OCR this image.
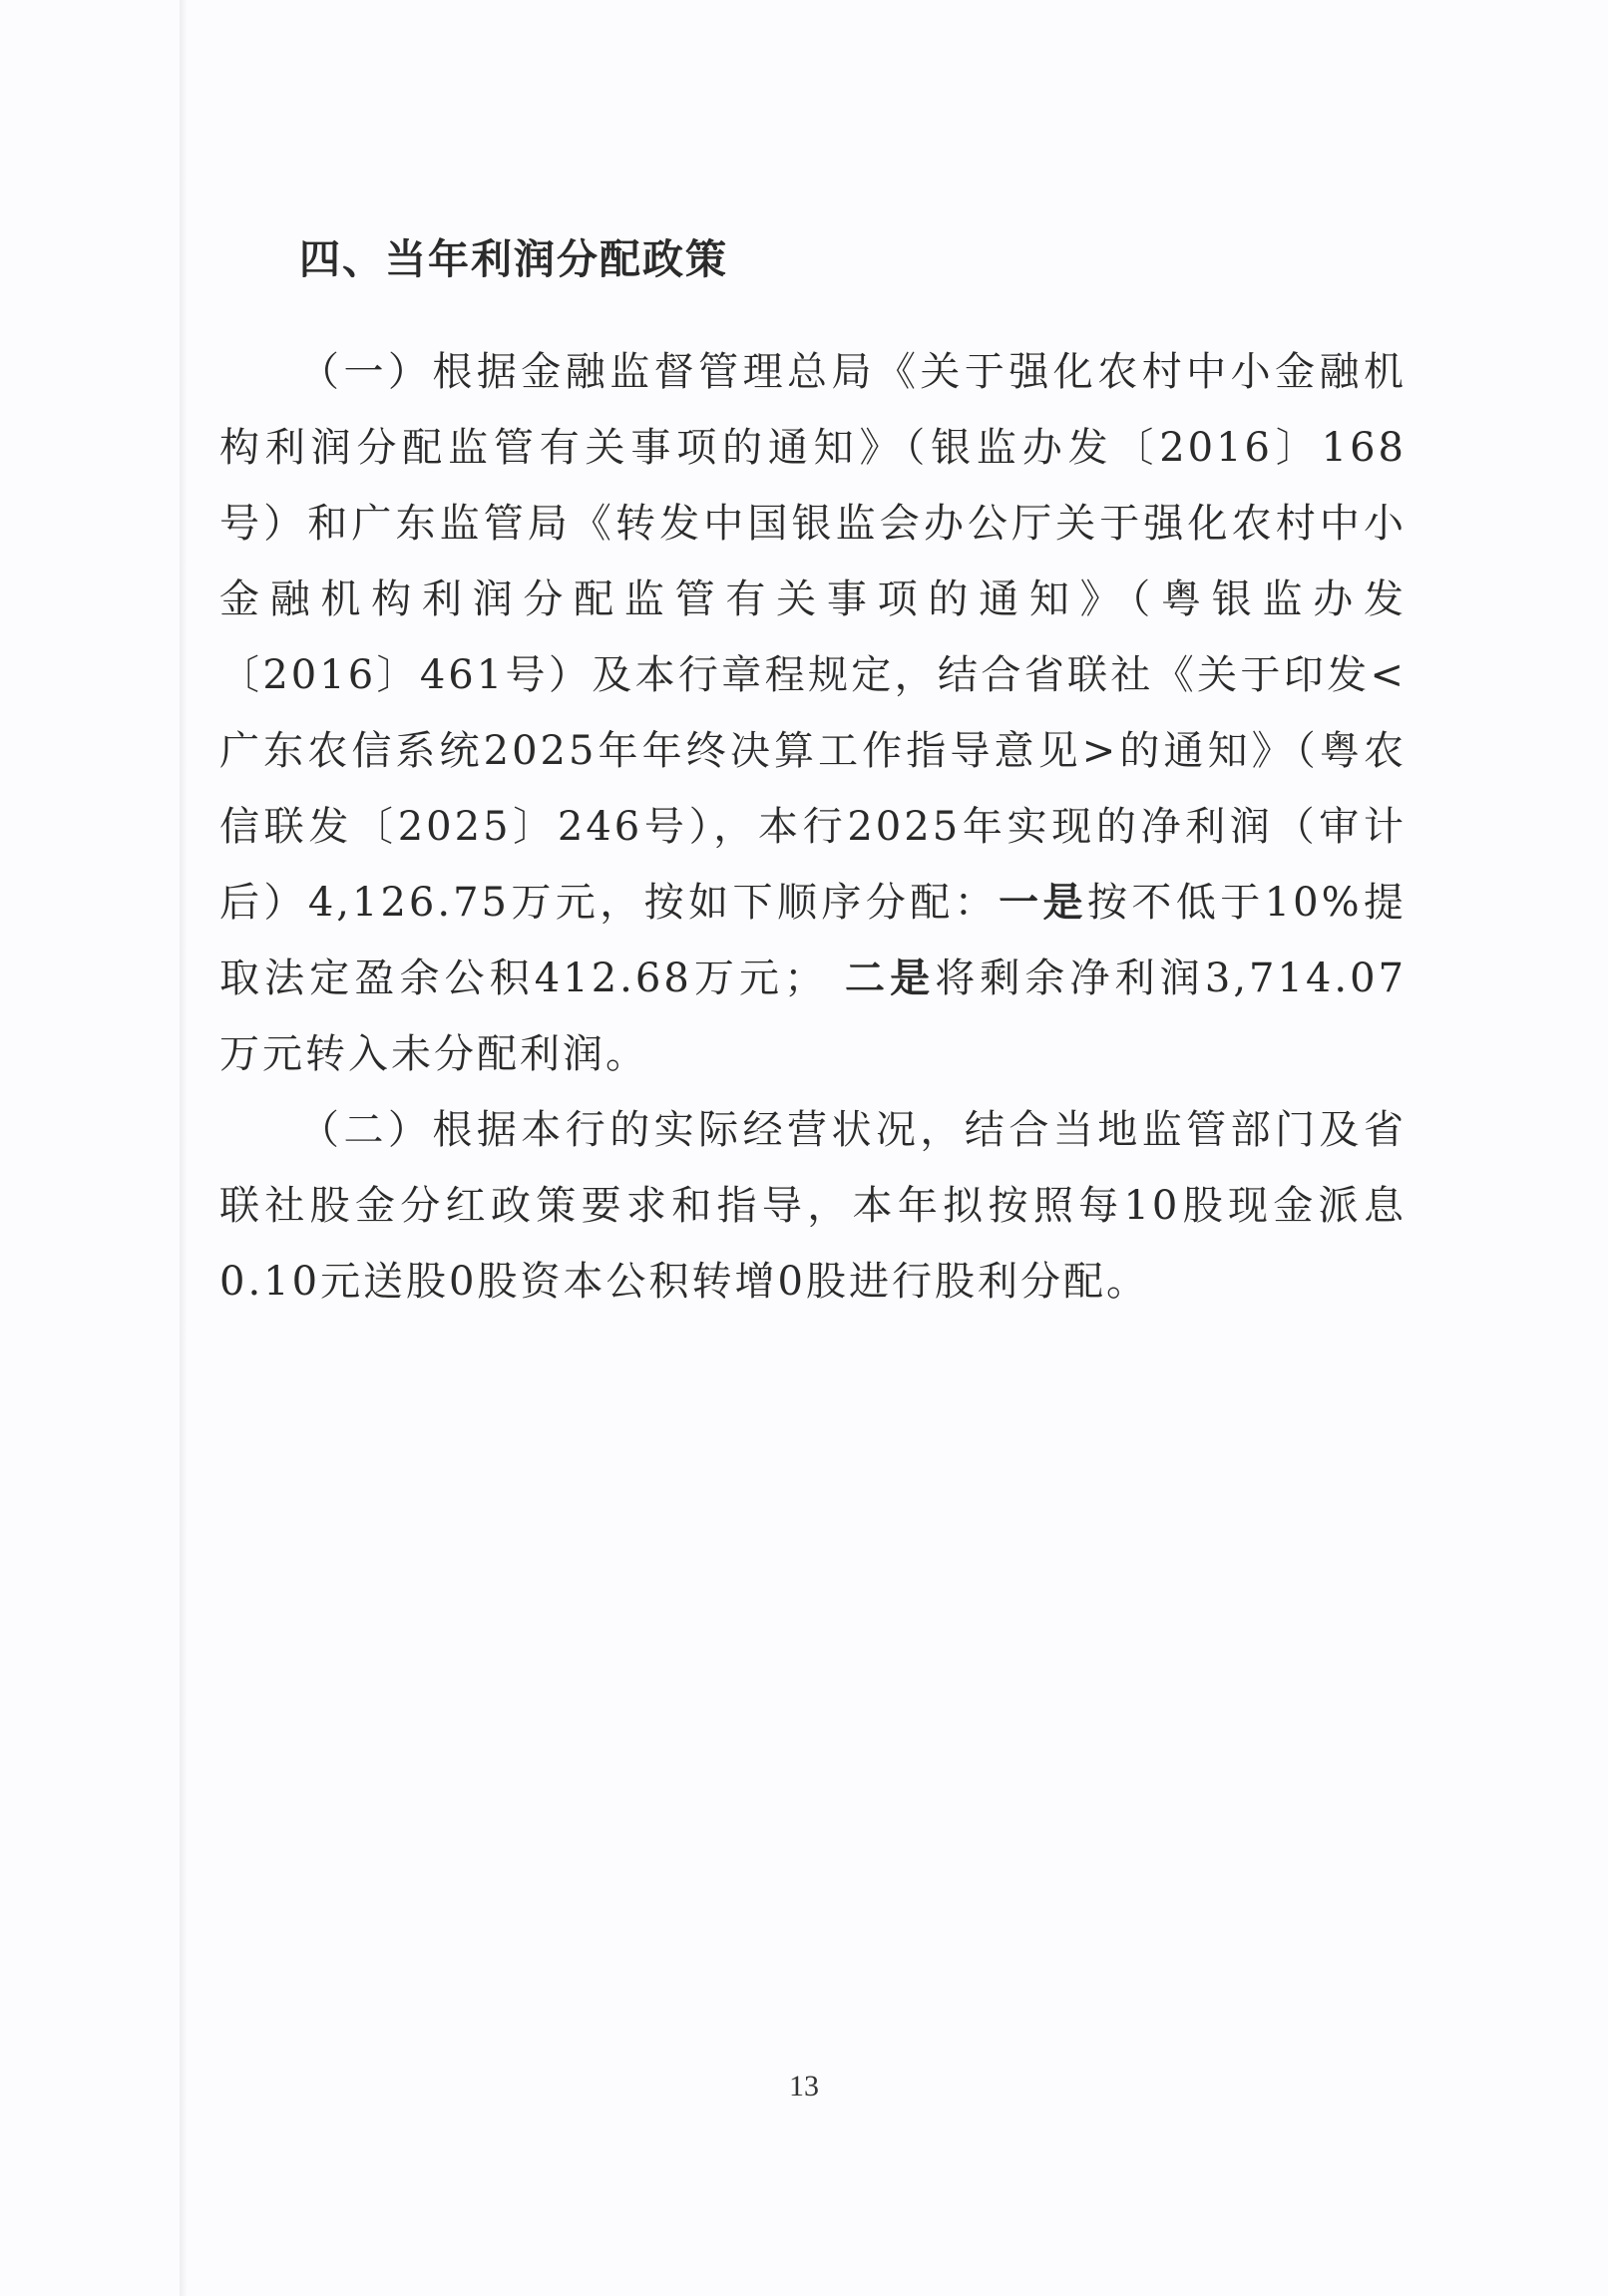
四、当年利润分配政策

（一）根据金融监督管理总局《关于强化农村中小金融机构利润分配监管有关事项的通知》（银监办发〔2016〕168号）和广东监管局《转发中国银监会办公厅关于强化农村中小金融机构利润分配监管有关事项的通知》（粤银监办发〔2016〕461号）及本行章程规定，结合省联社《关于印发<广东农信系统2025年年终决算工作指导意见>的通知》（粤农信联发〔2025〕246号），本行2025年实现的净利润（审计后）4,126.75万元，按如下顺序分配：一是按不低于10%提取法定盈余公积412.68万元； 二是将剩余净利润3,714.07万元转入未分配利润。

（二）根据本行的实际经营状况，结合当地监管部门及省联社股金分红政策要求和指导，本年拟按照每10股现金派息0.10元送股0股资本公积转增0股进行股利分配。

13
